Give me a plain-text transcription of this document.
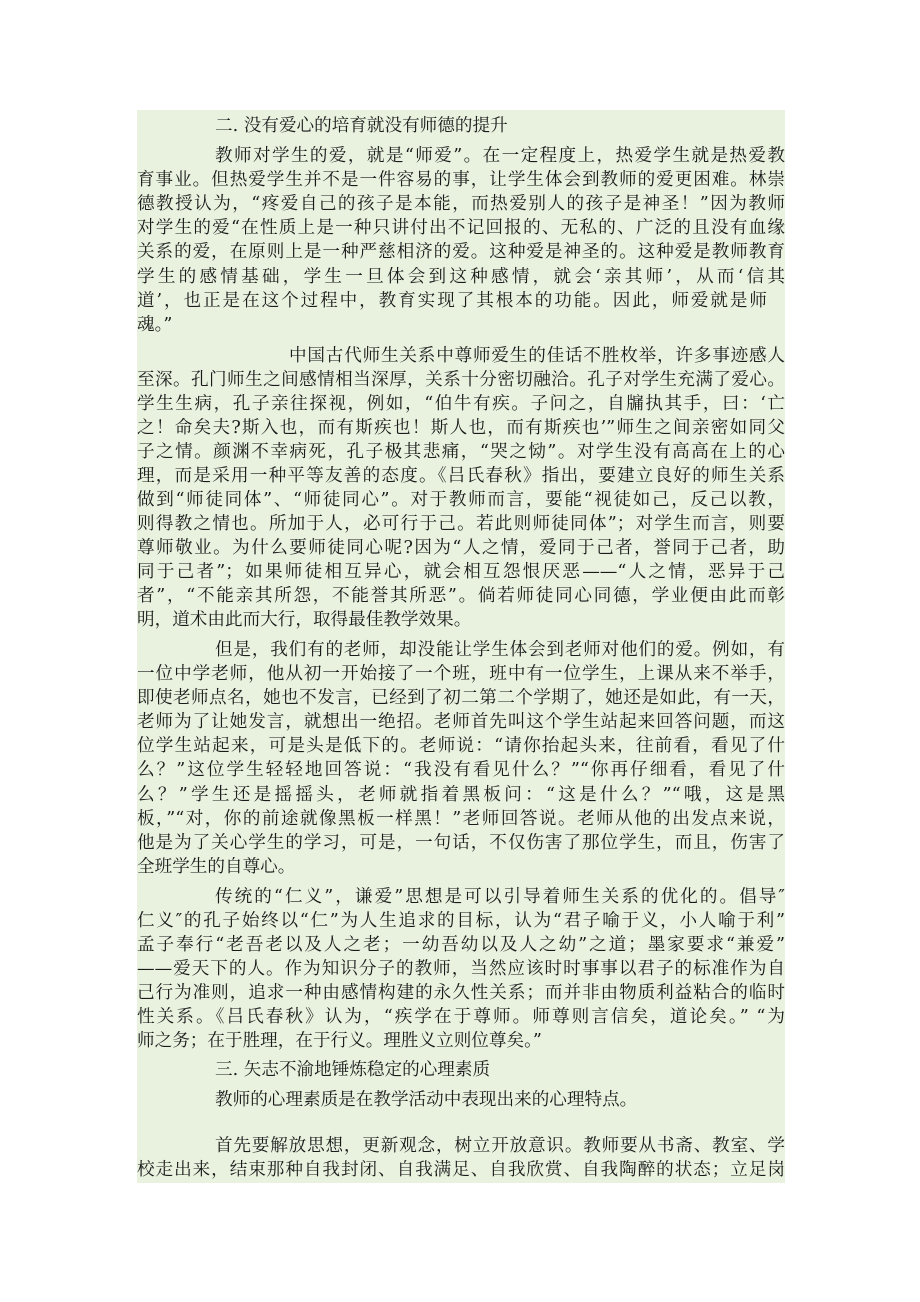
二. 没有爱心的培育就没有师德的提升
教师对学生的爱，就是“师爱”。在一定程度上，热爱学生就是热爱教
育事业。但热爱学生并不是一件容易的事，让学生体会到教师的爱更困难。林崇
德教授认为，“疼爱自己的孩子是本能，而热爱别人的孩子是神圣！”因为教师
对学生的爱“在性质上是一种只讲付出不记回报的、无私的、广泛的且没有血缘
关系的爱，在原则上是一种严慈相济的爱。这种爱是神圣的。这种爱是教师教育
学生的感情基础，学生一旦体会到这种感情，就会‘亲其师’，从而‘信其
道’，也正是在这个过程中，教育实现了其根本的功能。因此，师爱就是师
魂。”
中国古代师生关系中尊师爱生的佳话不胜枚举，许多事迹感人
至深。孔门师生之间感情相当深厚，关系十分密切融洽。孔子对学生充满了爱心。
学生生病，孔子亲往探视，例如，“伯牛有疾。子问之，自牖执其手，曰：‘亡
之！命矣夫?斯入也，而有斯疾也！斯人也，而有斯疾也’”师生之间亲密如同父
子之情。颜渊不幸病死，孔子极其悲痛，“哭之恸”。对学生没有高高在上的心
理，而是采用一种平等友善的态度。《吕氏春秋》指出，要建立良好的师生关系
做到“师徒同体”、“师徒同心”。对于教师而言，要能“视徒如己，反己以教，
则得教之情也。所加于人，必可行于己。若此则师徒同体”；对学生而言，则要
尊师敬业。为什么要师徒同心呢?因为“人之情，爱同于己者，誉同于己者，助
同于己者”；如果师徒相互异心，就会相互怨恨厌恶——“人之情，恶异于己
者”，“不能亲其所怨，不能誉其所恶”。倘若师徒同心同德，学业便由此而彰
明，道术由此而大行，取得最佳教学效果。
但是，我们有的老师，却没能让学生体会到老师对他们的爱。例如，有
一位中学老师，他从初一开始接了一个班，班中有一位学生，上课从来不举手，
即使老师点名，她也不发言，已经到了初二第二个学期了，她还是如此，有一天，
老师为了让她发言，就想出一绝招。老师首先叫这个学生站起来回答问题，而这
位学生站起来，可是头是低下的。老师说：“请你抬起头来，往前看，看见了什
么？”这位学生轻轻地回答说：“我没有看见什么？”“你再仔细看，看见了什
么？”学生还是摇摇头，老师就指着黑板问：“这是什么？”“哦，这是黑
板，”“对，你的前途就像黑板一样黑！”老师回答说。老师从他的出发点来说，
他是为了关心学生的学习，可是，一句话，不仅伤害了那位学生，而且，伤害了
全班学生的自尊心。
传统的“仁义”，谦爱”思想是可以引导着师生关系的优化的。倡导″
仁义″的孔子始终以“仁”为人生追求的目标，认为“君子喻于义，小人喻于利”
孟子奉行“老吾老以及人之老；一幼吾幼以及人之幼”之道；墨家要求“兼爱”
——爱天下的人。作为知识分子的教师，当然应该时时事事以君子的标准作为自
己行为准则，追求一种由感情构建的永久性关系；而并非由物质利益粘合的临时
性关系。《吕氏春秋》认为，“疾学在于尊师。师尊则言信矣，道论矣。” “为
师之务；在于胜理，在于行义。理胜义立则位尊矣。”
三. 矢志不渝地锤炼稳定的心理素质
教师的心理素质是在教学活动中表现出来的心理特点。
首先要解放思想，更新观念，树立开放意识。教师要从书斋、教室、学
校走出来，结束那种自我封闭、自我满足、自我欣赏、自我陶醉的状态；立足岗
